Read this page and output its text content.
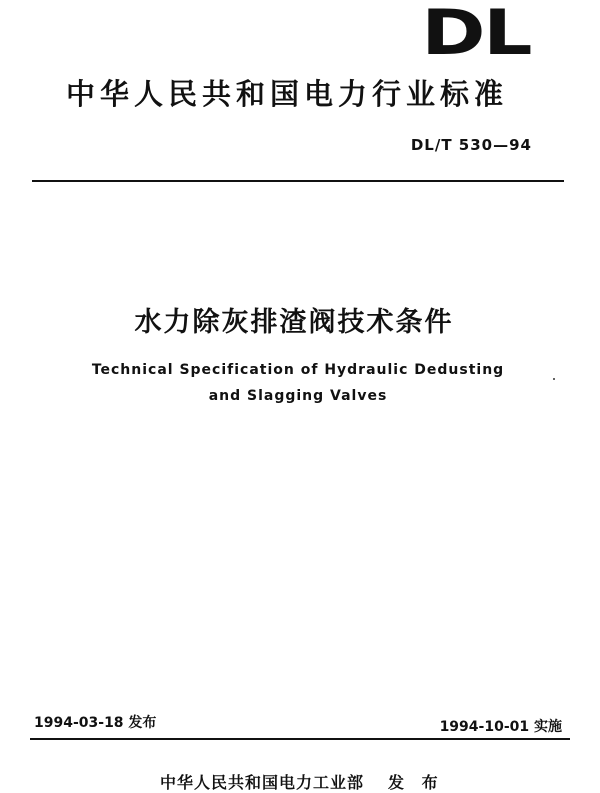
DL
中华人民共和国电力行业标准
DL/T 530—94
水力除灰排渣阀技术条件
Technical Specification of Hydraulic Dedusting
and Slagging Valves
1994-03-18 发布	1994-10-01 实施
中华人民共和国电力工业部 发 布
